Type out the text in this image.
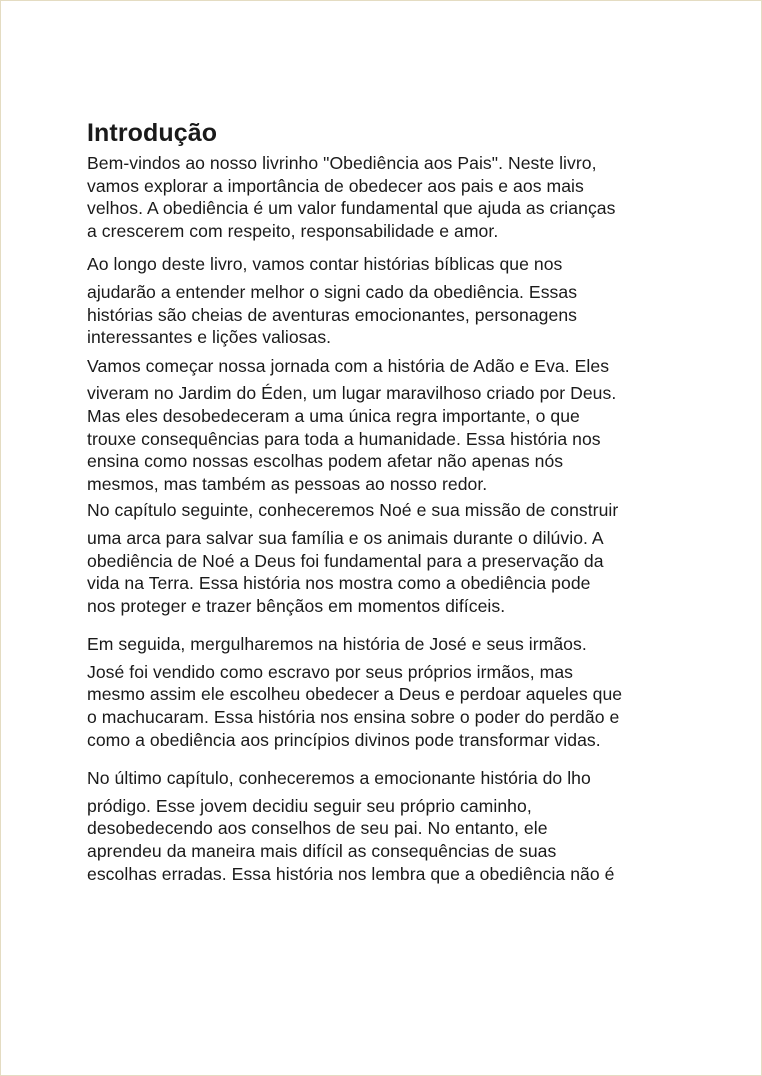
Introdução

Bem-vindos ao nosso livrinho "Obediência aos Pais". Neste livro,
vamos explorar a importância de obedecer aos pais e aos mais
velhos. A obediência é um valor fundamental que ajuda as crianças
a crescerem com respeito, responsabilidade e amor.

Ao longo deste livro, vamos contar histórias bíblicas que nos
ajudarão a entender melhor o signi cado da obediência. Essas
histórias são cheias de aventuras emocionantes, personagens
interessantes e lições valiosas.

Vamos começar nossa jornada com a história de Adão e Eva. Eles
viveram no Jardim do Éden, um lugar maravilhoso criado por Deus.
Mas eles desobedeceram a uma única regra importante, o que
trouxe consequências para toda a humanidade. Essa história nos
ensina como nossas escolhas podem afetar não apenas nós
mesmos, mas também as pessoas ao nosso redor.

No capítulo seguinte, conheceremos Noé e sua missão de construir
uma arca para salvar sua família e os animais durante o dilúvio. A
obediência de Noé a Deus foi fundamental para a preservação da
vida na Terra. Essa história nos mostra como a obediência pode
nos proteger e trazer bênçãos em momentos difíceis.

Em seguida, mergulharemos na história de José e seus irmãos.
José foi vendido como escravo por seus próprios irmãos, mas
mesmo assim ele escolheu obedecer a Deus e perdoar aqueles que
o machucaram. Essa história nos ensina sobre o poder do perdão e
como a obediência aos princípios divinos pode transformar vidas.

No último capítulo, conheceremos a emocionante história do lho
pródigo. Esse jovem decidiu seguir seu próprio caminho,
desobedecendo aos conselhos de seu pai. No entanto, ele
aprendeu da maneira mais difícil as consequências de suas
escolhas erradas. Essa história nos lembra que a obediência não é
